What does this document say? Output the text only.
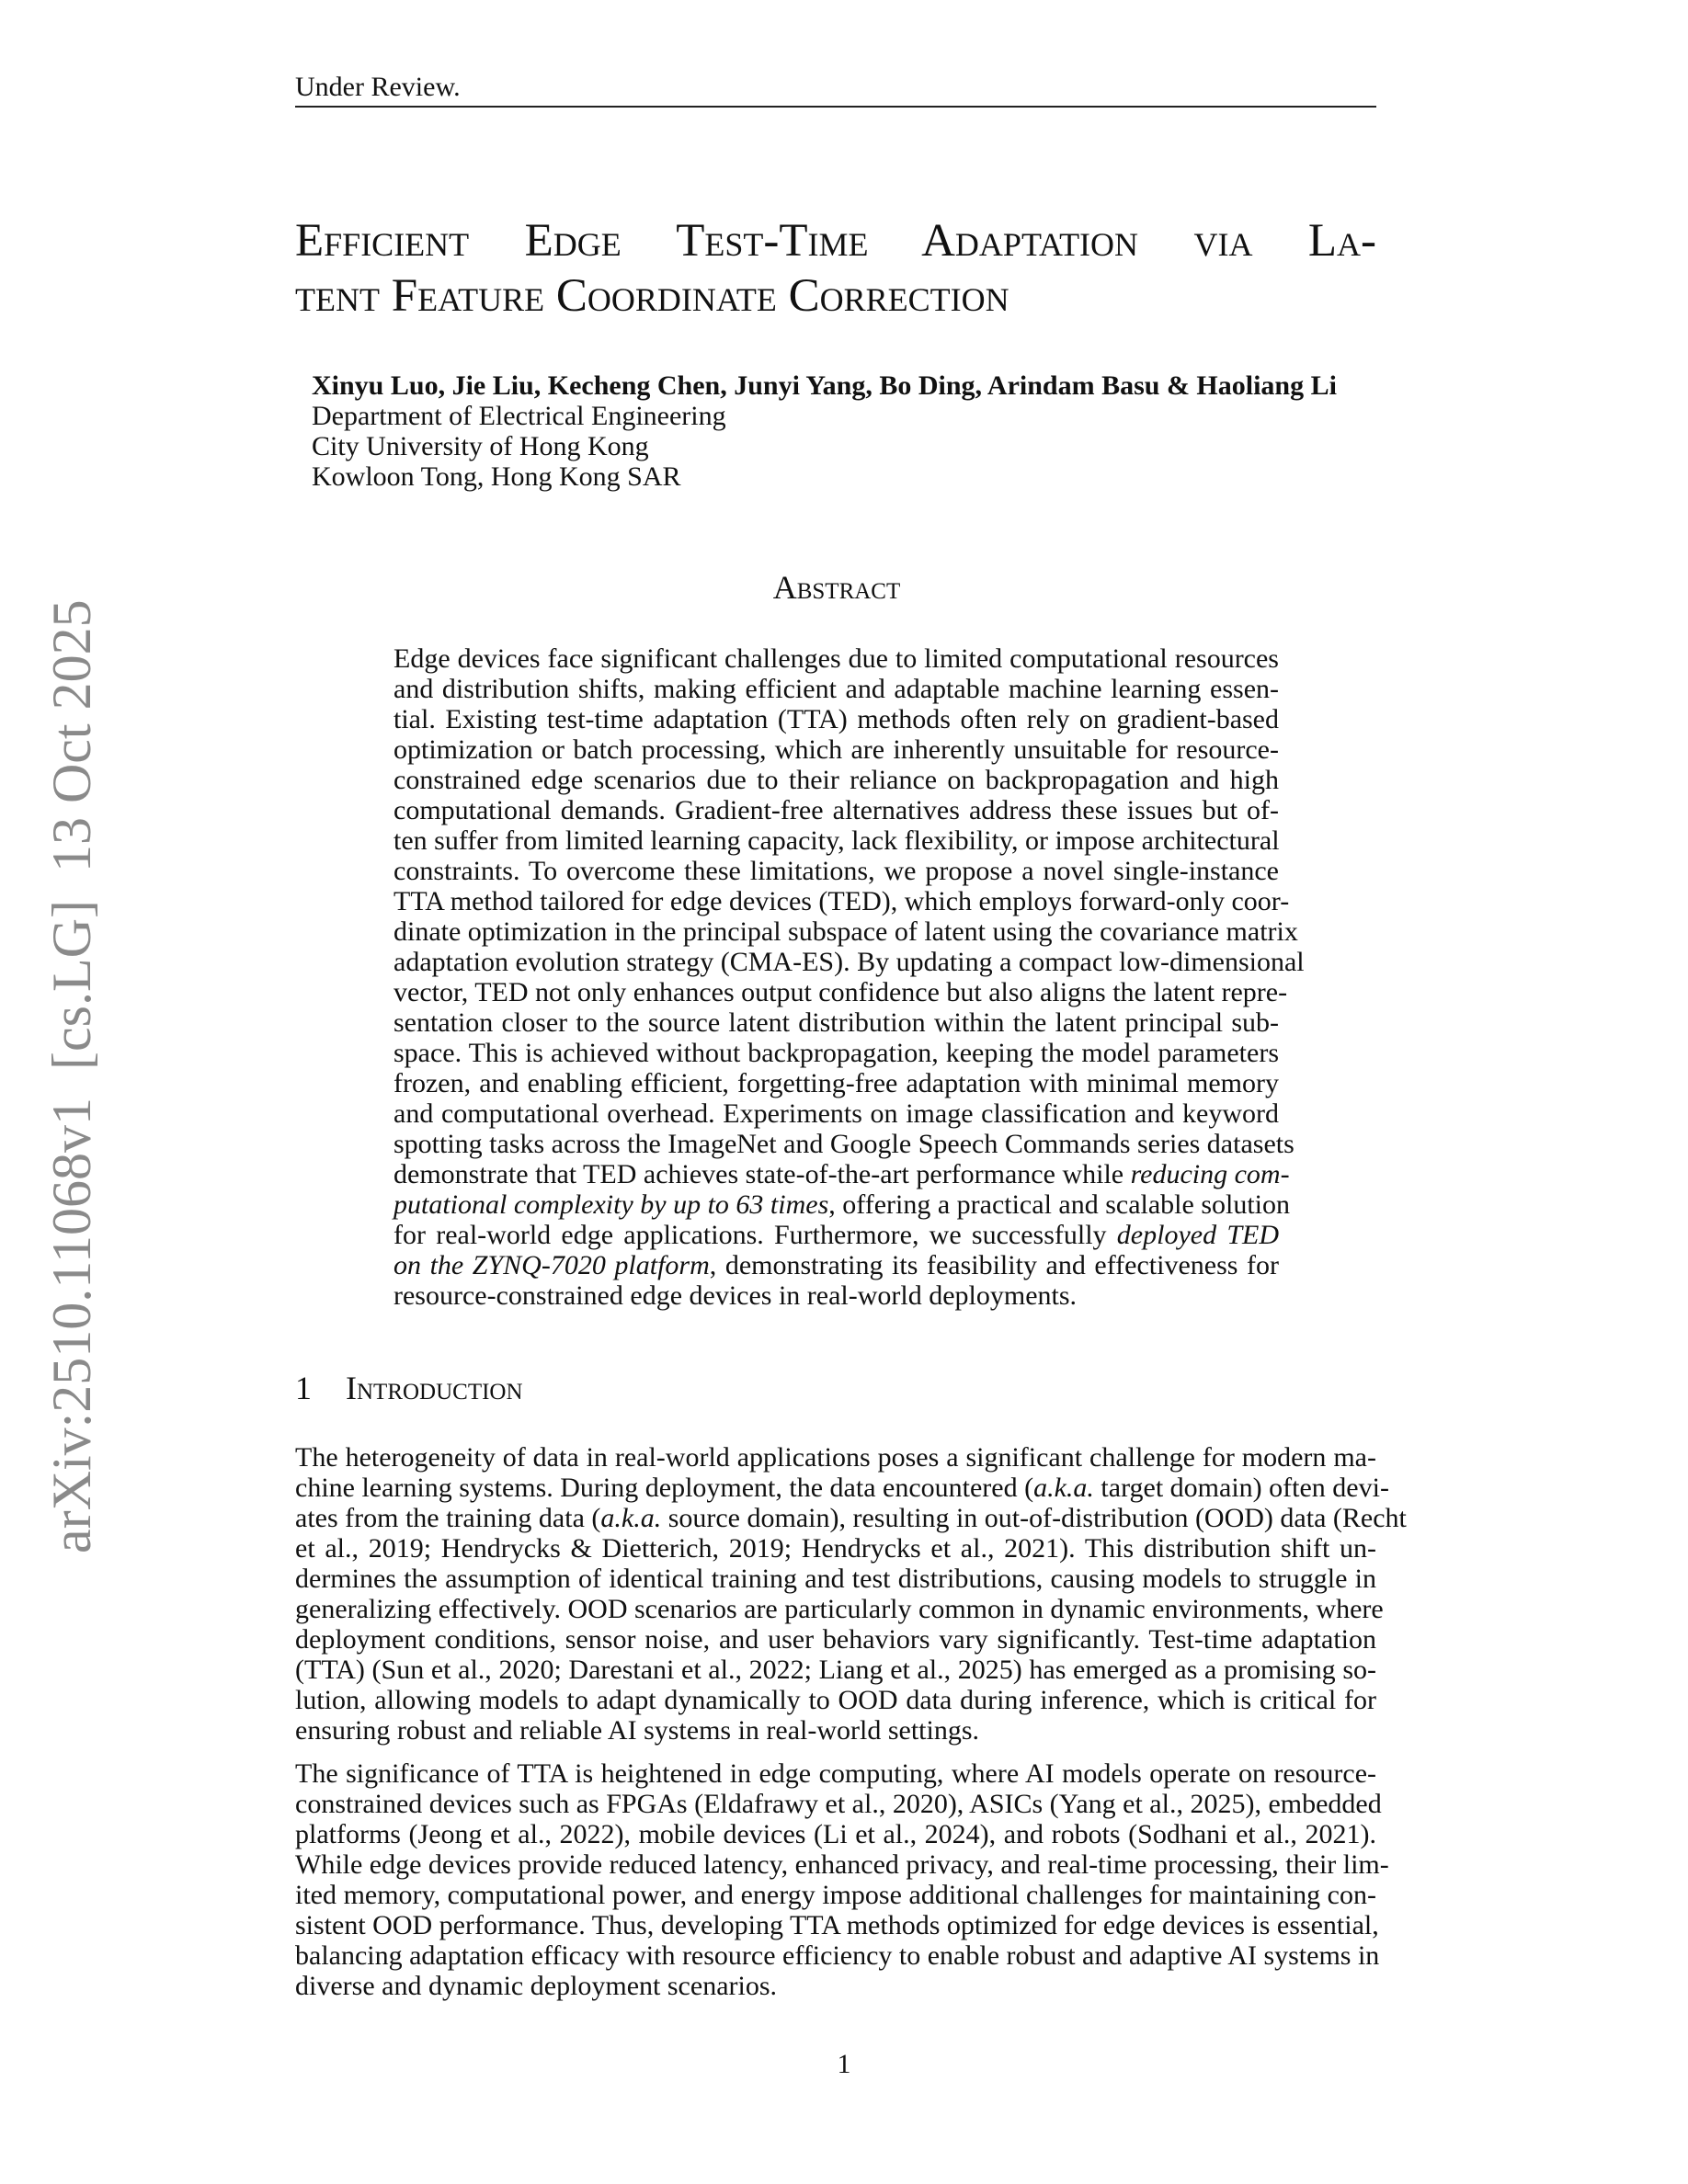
Under Review.
arXiv:2510.11068v1  [cs.LG]  13 Oct 2025
Efficient Edge Test-Time Adaptation via La-
tent Feature Coordinate Correction
Xinyu Luo, Jie Liu, Kecheng Chen, Junyi Yang, Bo Ding, Arindam Basu & Haoliang Li
Department of Electrical Engineering
City University of Hong Kong
Kowloon Tong, Hong Kong SAR
Abstract
Edge devices face significant challenges due to limited computational resources
and distribution shifts, making efficient and adaptable machine learning essen-
tial. Existing test-time adaptation (TTA) methods often rely on gradient-based
optimization or batch processing, which are inherently unsuitable for resource-
constrained edge scenarios due to their reliance on backpropagation and high
computational demands. Gradient-free alternatives address these issues but of-
ten suffer from limited learning capacity, lack flexibility, or impose architectural
constraints. To overcome these limitations, we propose a novel single-instance
TTA method tailored for edge devices (TED), which employs forward-only coor-
dinate optimization in the principal subspace of latent using the covariance matrix
adaptation evolution strategy (CMA-ES). By updating a compact low-dimensional
vector, TED not only enhances output confidence but also aligns the latent repre-
sentation closer to the source latent distribution within the latent principal sub-
space. This is achieved without backpropagation, keeping the model parameters
frozen, and enabling efficient, forgetting-free adaptation with minimal memory
and computational overhead. Experiments on image classification and keyword
spotting tasks across the ImageNet and Google Speech Commands series datasets
demonstrate that TED achieves state-of-the-art performance while reducing com-
putational complexity by up to 63 times, offering a practical and scalable solution
for real-world edge applications. Furthermore, we successfully deployed TED
on the ZYNQ-7020 platform, demonstrating its feasibility and effectiveness for
resource-constrained edge devices in real-world deployments.
1 Introduction
The heterogeneity of data in real-world applications poses a significant challenge for modern ma-
chine learning systems. During deployment, the data encountered (a.k.a. target domain) often devi-
ates from the training data (a.k.a. source domain), resulting in out-of-distribution (OOD) data (Recht
et al., 2019; Hendrycks & Dietterich, 2019; Hendrycks et al., 2021). This distribution shift un-
dermines the assumption of identical training and test distributions, causing models to struggle in
generalizing effectively. OOD scenarios are particularly common in dynamic environments, where
deployment conditions, sensor noise, and user behaviors vary significantly. Test-time adaptation
(TTA) (Sun et al., 2020; Darestani et al., 2022; Liang et al., 2025) has emerged as a promising so-
lution, allowing models to adapt dynamically to OOD data during inference, which is critical for
ensuring robust and reliable AI systems in real-world settings.
The significance of TTA is heightened in edge computing, where AI models operate on resource-
constrained devices such as FPGAs (Eldafrawy et al., 2020), ASICs (Yang et al., 2025), embedded
platforms (Jeong et al., 2022), mobile devices (Li et al., 2024), and robots (Sodhani et al., 2021).
While edge devices provide reduced latency, enhanced privacy, and real-time processing, their lim-
ited memory, computational power, and energy impose additional challenges for maintaining con-
sistent OOD performance. Thus, developing TTA methods optimized for edge devices is essential,
balancing adaptation efficacy with resource efficiency to enable robust and adaptive AI systems in
diverse and dynamic deployment scenarios.
1
